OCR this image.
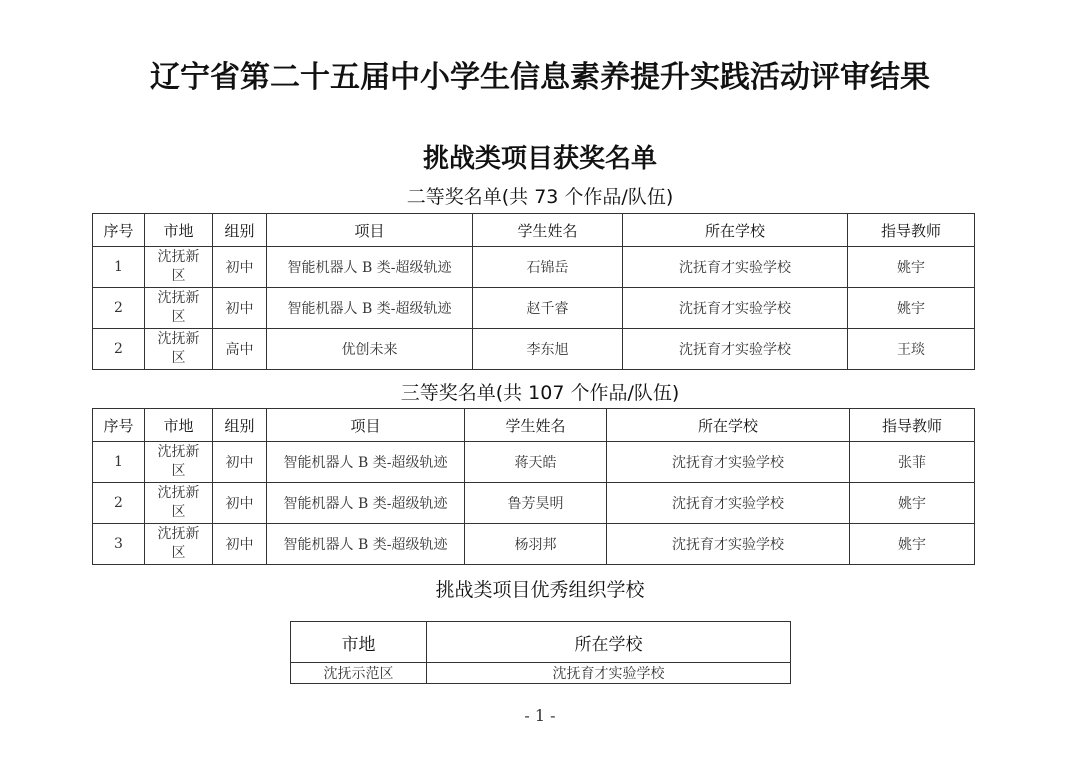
辽宁省第二十五届中小学生信息素养提升实践活动评审结果
挑战类项目获奖名单
二等奖名单(共 73 个作品/队伍)
序号	市地	组别	项目	学生姓名	所在学校	指导教师
1	沈抚新区	初中	智能机器人 B 类-超级轨迹	石锦岳	沈抚育才实验学校	姚宇
2	沈抚新区	初中	智能机器人 B 类-超级轨迹	赵千睿	沈抚育才实验学校	姚宇
2	沈抚新区	高中	优创未来	李东旭	沈抚育才实验学校	王琰
三等奖名单(共 107 个作品/队伍)
序号	市地	组别	项目	学生姓名	所在学校	指导教师
1	沈抚新区	初中	智能机器人 B 类-超级轨迹	蒋天皓	沈抚育才实验学校	张菲
2	沈抚新区	初中	智能机器人 B 类-超级轨迹	鲁芳昊明	沈抚育才实验学校	姚宇
3	沈抚新区	初中	智能机器人 B 类-超级轨迹	杨羽邦	沈抚育才实验学校	姚宇
挑战类项目优秀组织学校
市地	所在学校
沈抚示范区	沈抚育才实验学校
- 1 -
